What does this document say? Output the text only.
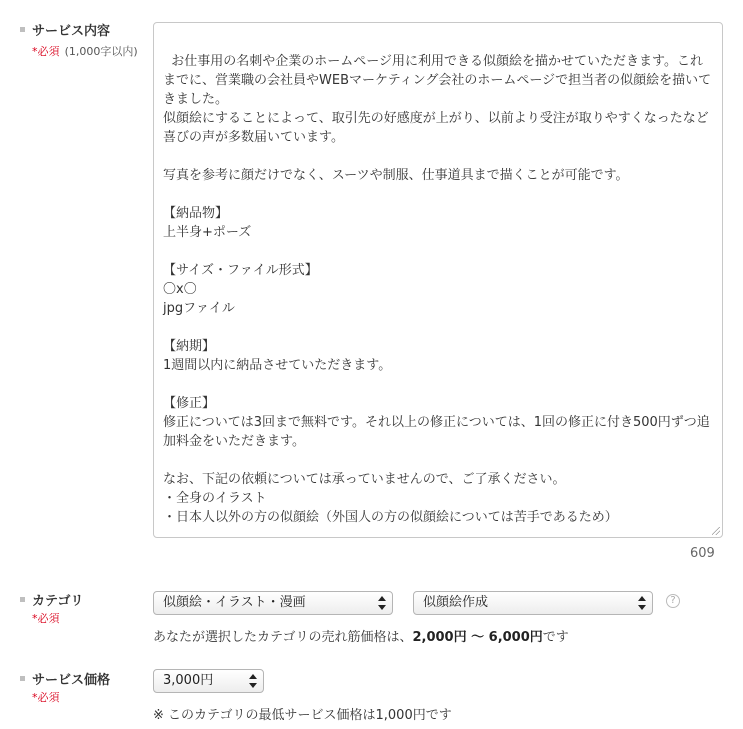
サービス内容
*必須 (1,000字以内)

お仕事用の名刺や企業のホームページ用に利用できる似顔絵を描かせていただきます。これまでに、営業職の会社員やWEBマーケティング会社のホームページで担当者の似顔絵を描いてきました。
似顔絵にすることによって、取引先の好感度が上がり、以前より受注が取りやすくなったなど喜びの声が多数届いています。

写真を参考に顔だけでなく、スーツや制服、仕事道具まで描くことが可能です。

【納品物】
上半身+ポーズ

【サイズ・ファイル形式】
〇x〇
jpgファイル

【納期】
1週間以内に納品させていただきます。

【修正】
修正については3回まで無料です。それ以上の修正については、1回の修正に付き500円ずつ追加料金をいただきます。

なお、下記の依頼については承っていませんので、ご了承ください。
・全身のイラスト
・日本人以外の方の似顔絵（外国人の方の似顔絵については苦手であるため）

609
カテゴリ
*必須
似顔絵・イラスト・漫画	似顔絵作成	?
あなたが選択したカテゴリの売れ筋価格は、2,000円 〜 6,000円です
サービス価格
*必須
3,000円
※ このカテゴリの最低サービス価格は1,000円です
